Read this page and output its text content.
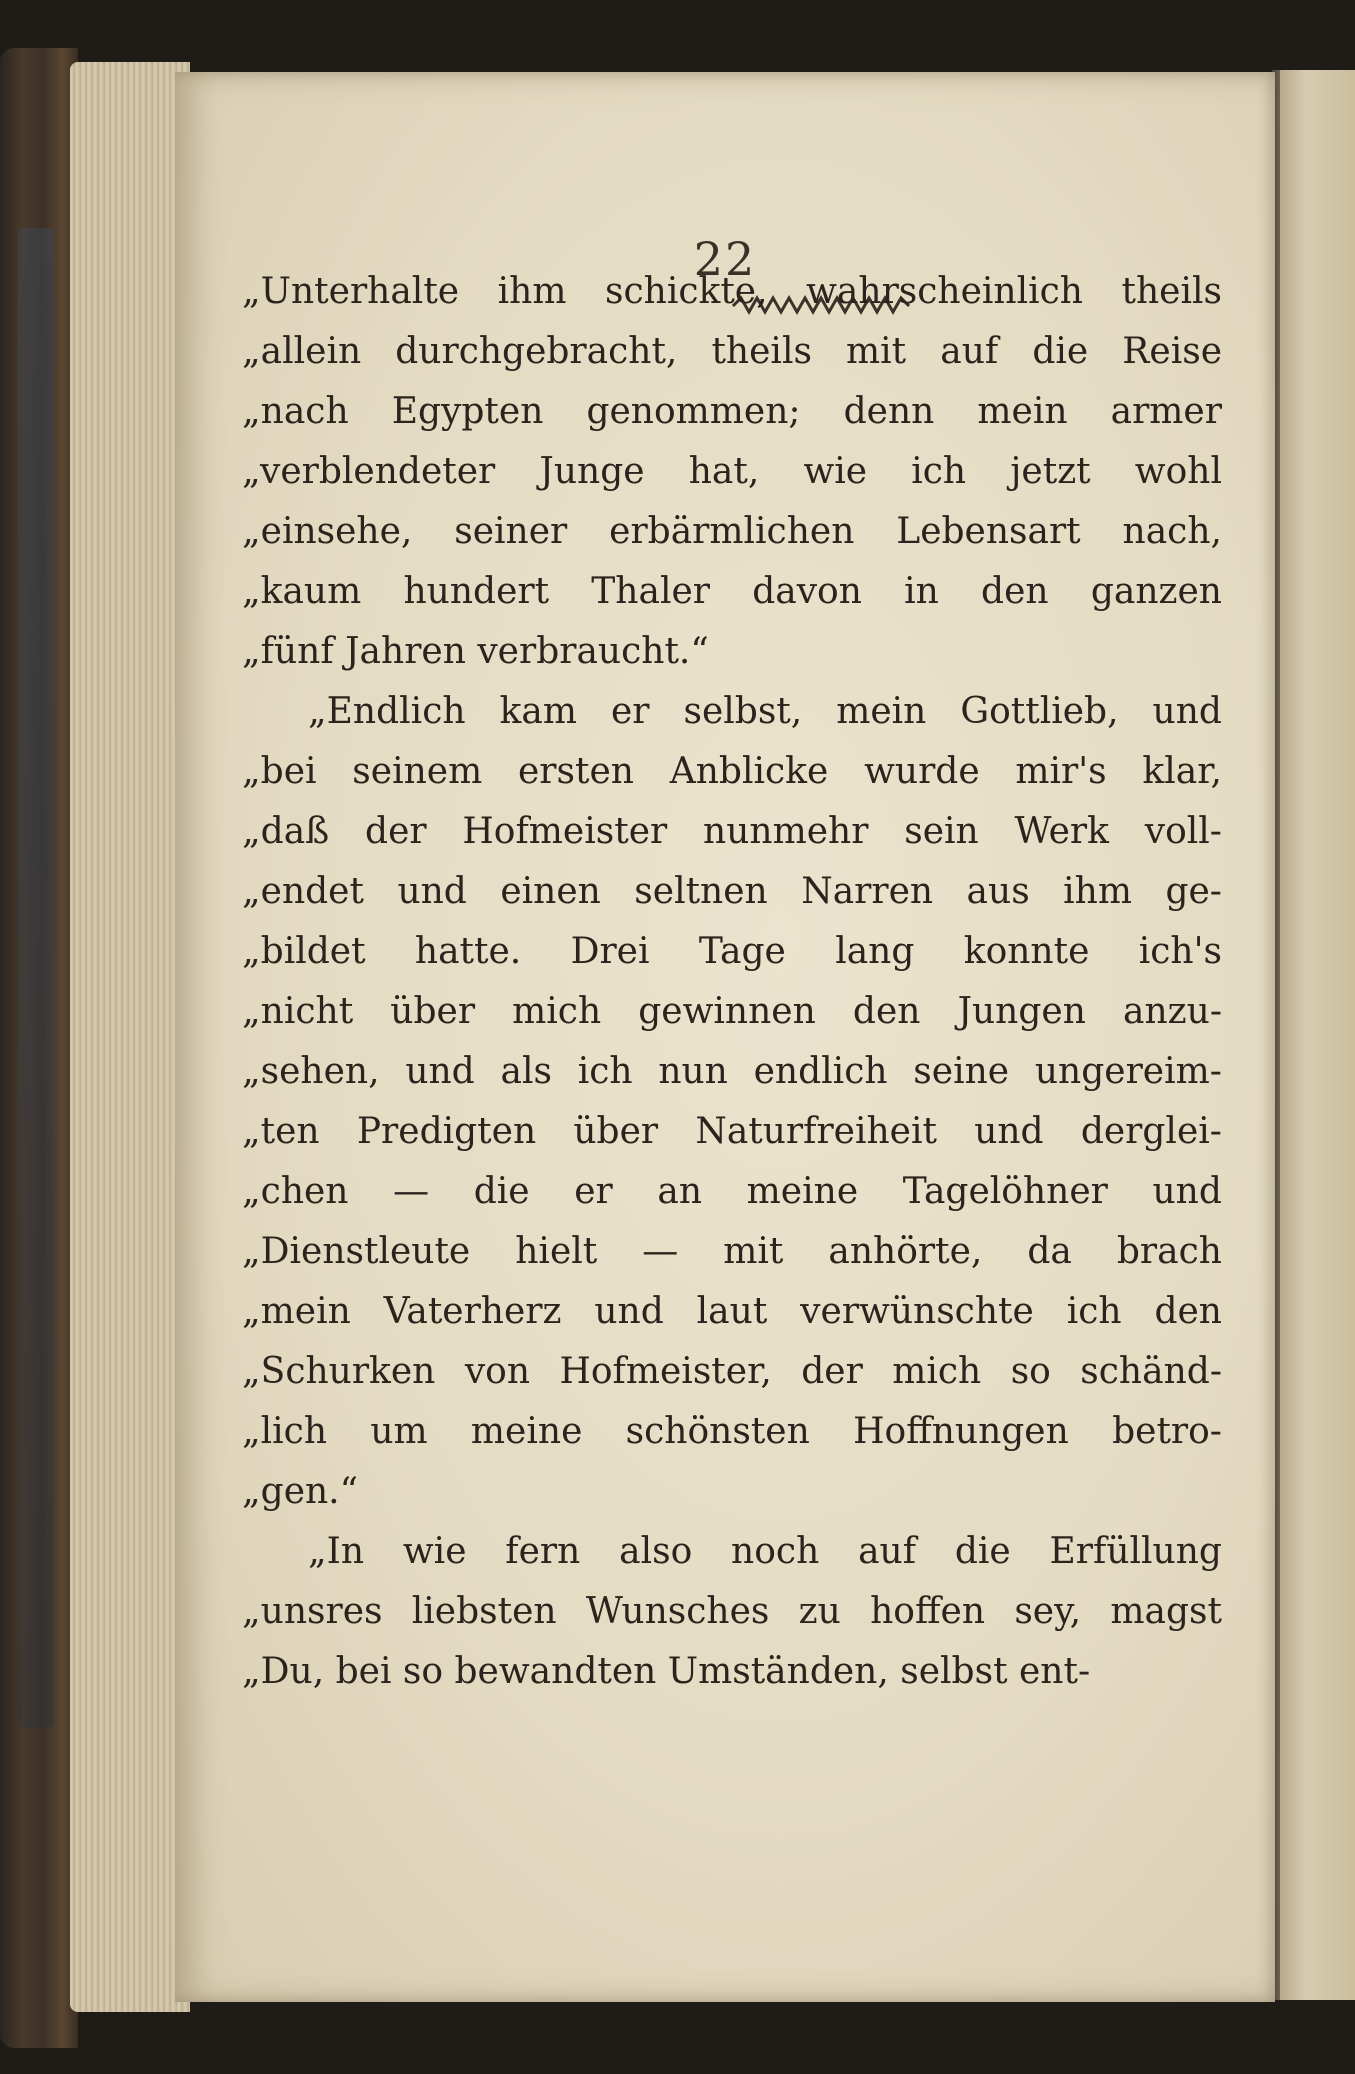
22
„Unterhalte ihm schickte, wahrscheinlich theils
„allein durchgebracht, theils mit auf die Reise
„nach Egypten genommen; denn mein armer
„verblendeter Junge hat, wie ich jetzt wohl
„einsehe, seiner erbärmlichen Lebensart nach,
„kaum hundert Thaler davon in den ganzen
„fünf Jahren verbraucht.“
„Endlich kam er selbst, mein Gottlieb, und
„bei seinem ersten Anblicke wurde mir's klar,
„daß der Hofmeister nunmehr sein Werk voll-
„endet und einen seltnen Narren aus ihm ge-
„bildet hatte. Drei Tage lang konnte ich's
„nicht über mich gewinnen den Jungen anzu-
„sehen, und als ich nun endlich seine ungereim-
„ten Predigten über Naturfreiheit und derglei-
„chen — die er an meine Tagelöhner und
„Dienstleute hielt — mit anhörte, da brach
„mein Vaterherz und laut verwünschte ich den
„Schurken von Hofmeister, der mich so schänd-
„lich um meine schönsten Hoffnungen betro-
„gen.“
„In wie fern also noch auf die Erfüllung
„unsres liebsten Wunsches zu hoffen sey, magst
„Du, bei so bewandten Umständen, selbst ent-
